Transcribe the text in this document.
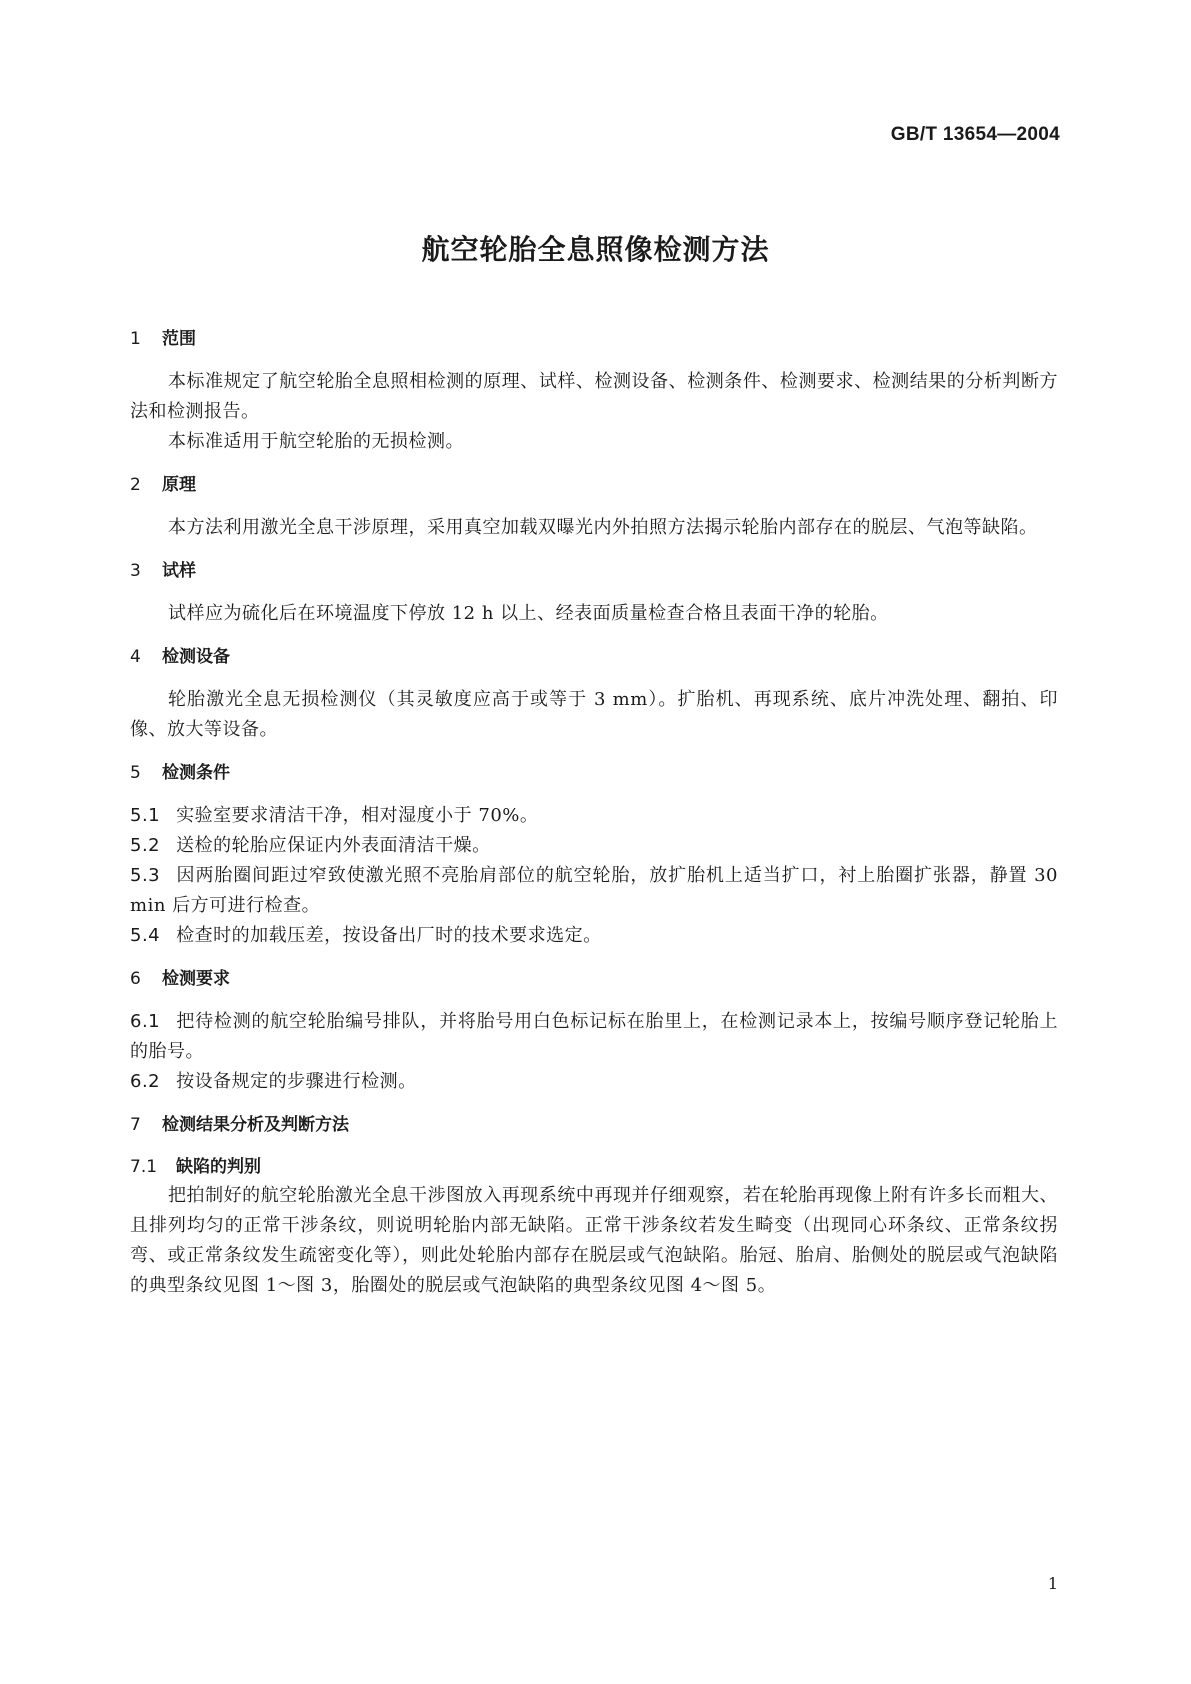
GB/T 13654—2004
航空轮胎全息照像检测方法
1	范围

本标准规定了航空轮胎全息照相检测的原理、试样、检测设备、检测条件、检测要求、检测结果的分析判断方法和检测报告。

本标准适用于航空轮胎的无损检测。

2	原理

本方法利用激光全息干涉原理，采用真空加载双曝光内外拍照方法揭示轮胎内部存在的脱层、气泡等缺陷。

3	试样

试样应为硫化后在环境温度下停放 12 h 以上、经表面质量检查合格且表面干净的轮胎。

4	检测设备

轮胎激光全息无损检测仪（其灵敏度应高于或等于 3 mm）。扩胎机、再现系统、底片冲洗处理、翻拍、印像、放大等设备。

5	检测条件

5.1 实验室要求清洁干净，相对湿度小于 70%。

5.2 送检的轮胎应保证内外表面清洁干燥。

5.3 因两胎圈间距过窄致使激光照不亮胎肩部位的航空轮胎，放扩胎机上适当扩口，衬上胎圈扩张器，静置 30 min 后方可进行检查。

5.4 检查时的加载压差，按设备出厂时的技术要求选定。

6	检测要求

6.1 把待检测的航空轮胎编号排队，并将胎号用白色标记标在胎里上，在检测记录本上，按编号顺序登记轮胎上的胎号。

6.2 按设备规定的步骤进行检测。

7	检测结果分析及判断方法
7.1	缺陷的判别

把拍制好的航空轮胎激光全息干涉图放入再现系统中再现并仔细观察，若在轮胎再现像上附有许多长而粗大、且排列均匀的正常干涉条纹，则说明轮胎内部无缺陷。正常干涉条纹若发生畸变（出现同心环条纹、正常条纹拐弯、或正常条纹发生疏密变化等），则此处轮胎内部存在脱层或气泡缺陷。胎冠、胎肩、胎侧处的脱层或气泡缺陷的典型条纹见图 1～图 3，胎圈处的脱层或气泡缺陷的典型条纹见图 4～图 5。

1
